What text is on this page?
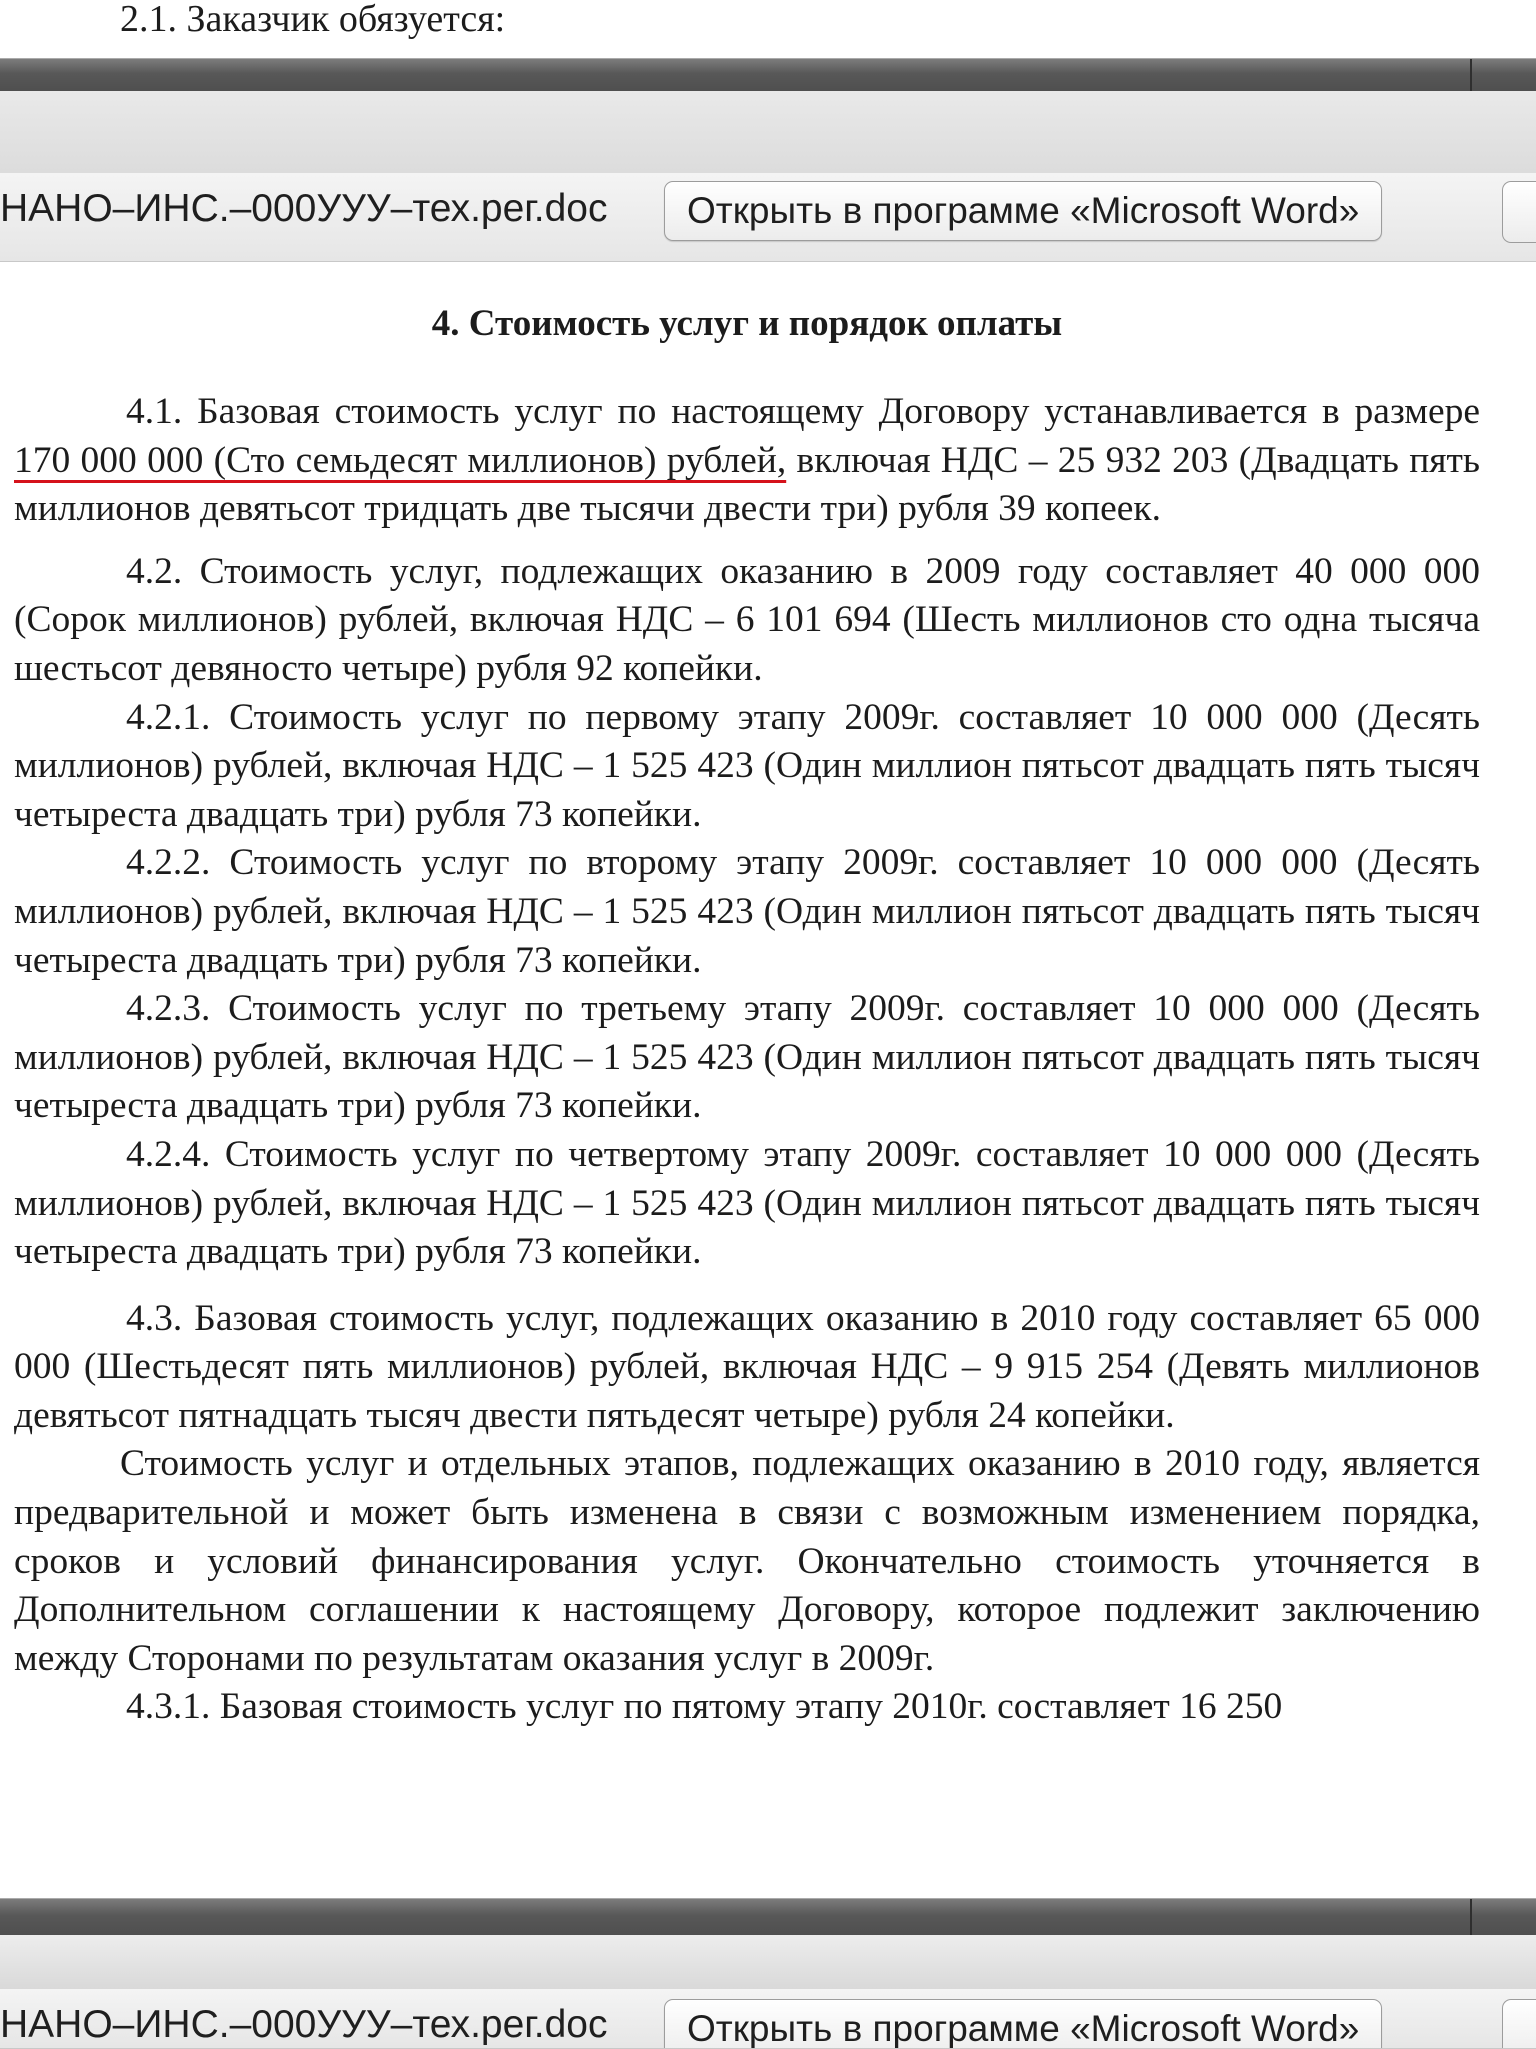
2.1. Заказчик обязуется:

НАНО–ИНС.–000УУУ–тех.рег.doc	Открыть в программе «Microsoft Word»

4. Стоимость услуг и порядок оплаты

4.1. Базовая стоимость услуг по настоящему Договору устанавливается в размере 170 000 000 (Сто семьдесят миллионов) рублей, включая НДС – 25 932 203 (Двадцать пять миллионов девятьсот тридцать две тысячи двести три) рубля 39 копеек.

4.2. Стоимость услуг, подлежащих оказанию в 2009 году составляет 40 000 000 (Сорок миллионов) рублей, включая НДС – 6 101 694 (Шесть миллионов сто одна тысяча шестьсот девяносто четыре) рубля 92 копейки.

4.2.1. Стоимость услуг по первому этапу 2009г. составляет 10 000 000 (Десять миллионов) рублей, включая НДС – 1 525 423 (Один миллион пятьсот двадцать пять тысяч четыреста двадцать три) рубля 73 копейки.

4.2.2. Стоимость услуг по второму этапу 2009г. составляет 10 000 000 (Десять миллионов) рублей, включая НДС – 1 525 423 (Один миллион пятьсот двадцать пять тысяч четыреста двадцать три) рубля 73 копейки.

4.2.3. Стоимость услуг по третьему этапу 2009г. составляет 10 000 000 (Десять миллионов) рублей, включая НДС – 1 525 423 (Один миллион пятьсот двадцать пять тысяч четыреста двадцать три) рубля 73 копейки.

4.2.4. Стоимость услуг по четвертому этапу 2009г. составляет 10 000 000 (Десять миллионов) рублей, включая НДС – 1 525 423 (Один миллион пятьсот двадцать пять тысяч четыреста двадцать три) рубля 73 копейки.

4.3. Базовая стоимость услуг, подлежащих оказанию в 2010 году составляет 65 000 000 (Шестьдесят пять миллионов) рублей, включая НДС – 9 915 254 (Девять миллионов девятьсот пятнадцать тысяч двести пятьдесят четыре) рубля 24 копейки.

Стоимость услуг и отдельных этапов, подлежащих оказанию в 2010 году, является предварительной и может быть изменена в связи с возможным изменением порядка, сроков и условий финансирования услуг. Окончательно стоимость уточняется в Дополнительном соглашении к настоящему Договору, которое подлежит заключению между Сторонами по результатам оказания услуг в 2009г.

4.3.1. Базовая стоимость услуг по пятому этапу 2010г. составляет 16 250

НАНО–ИНС.–000УУУ–тех.рег.doc	Открыть в программе «Microsoft Word»
